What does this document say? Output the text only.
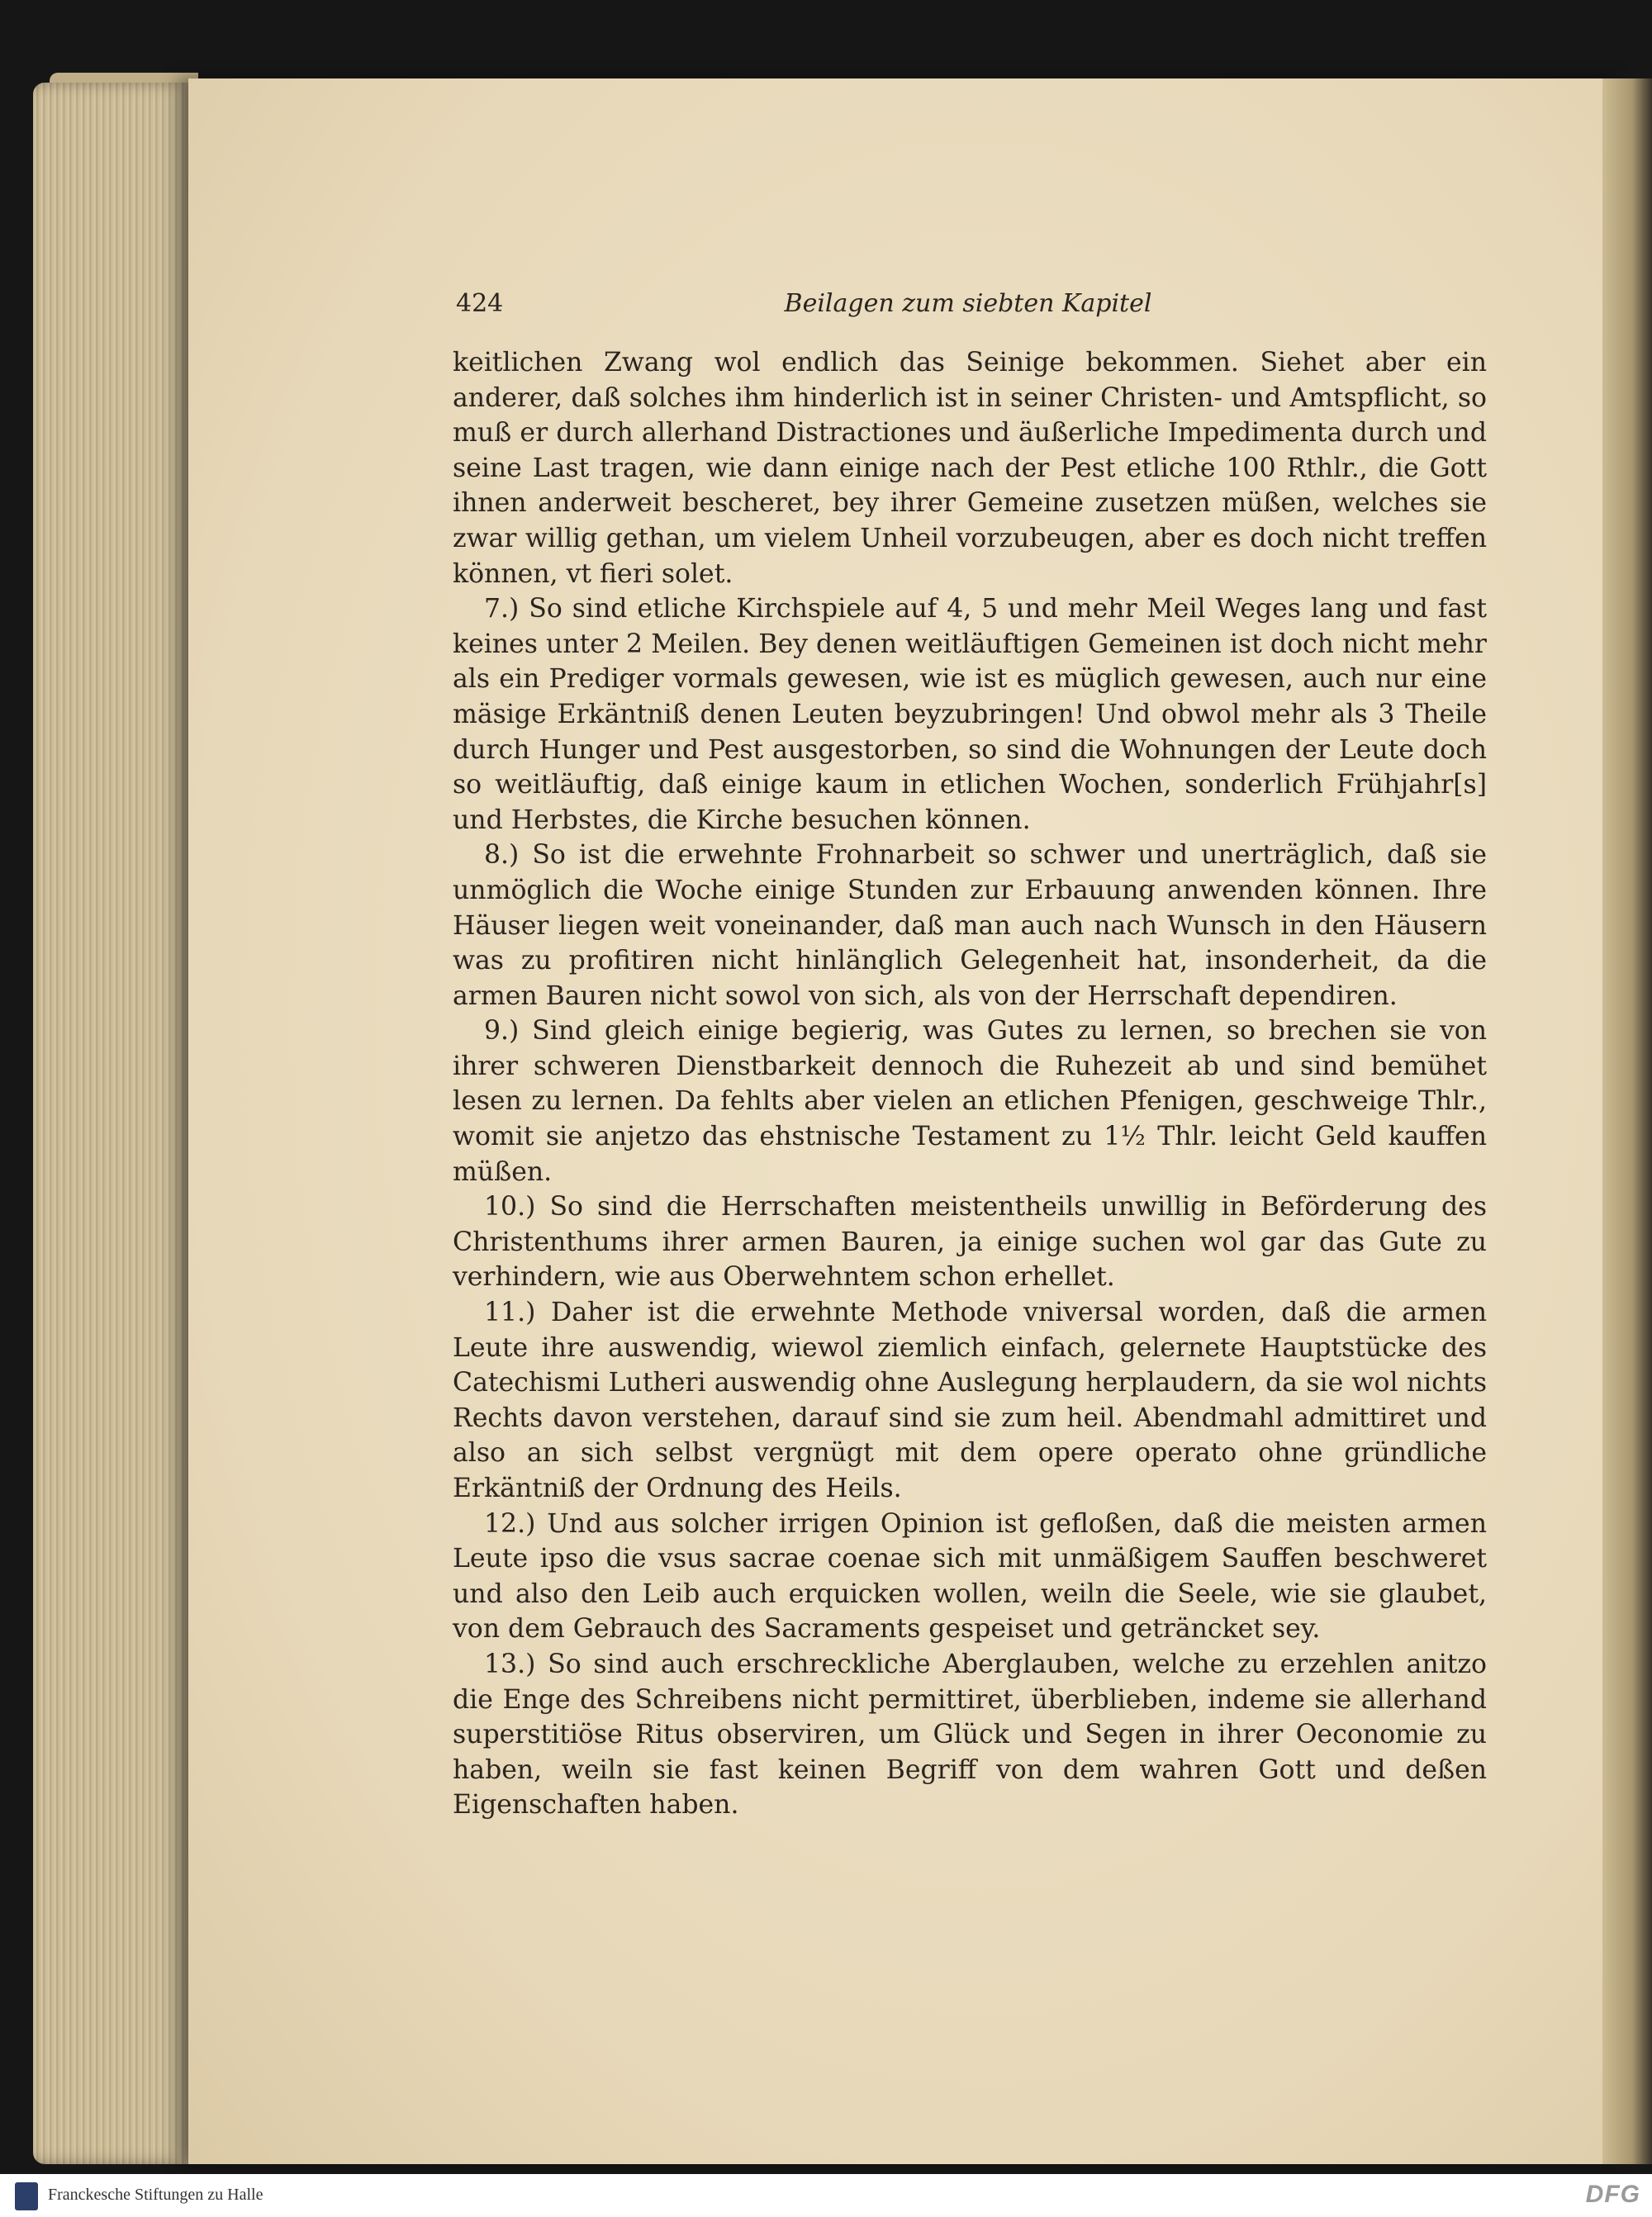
424	Beilagen zum siebten Kapitel

keitlichen Zwang wol endlich das Seinige bekommen. Siehet aber ein anderer, daß solches ihm hinderlich ist in seiner Christen- und Amtspflicht, so muß er durch allerhand Distractiones und äußerliche Impedimenta durch und seine Last tragen, wie dann einige nach der Pest etliche 100 Rthlr., die Gott ihnen anderweit bescheret, bey ihrer Gemeine zusetzen müßen, welches sie zwar willig gethan, um vielem Unheil vorzubeugen, aber es doch nicht treffen können, vt fieri solet.

7.) So sind etliche Kirchspiele auf 4, 5 und mehr Meil Weges lang und fast keines unter 2 Meilen. Bey denen weitläuftigen Gemeinen ist doch nicht mehr als ein Prediger vormals gewesen, wie ist es müglich gewesen, auch nur eine mäsige Erkäntniß denen Leuten beyzubringen! Und obwol mehr als 3 Theile durch Hunger und Pest ausgestorben, so sind die Wohnungen der Leute doch so weitläuftig, daß einige kaum in etlichen Wochen, sonderlich Frühjahr[s] und Herbstes, die Kirche besuchen können.

8.) So ist die erwehnte Frohnarbeit so schwer und unerträglich, daß sie unmöglich die Woche einige Stunden zur Erbauung anwenden können. Ihre Häuser liegen weit voneinander, daß man auch nach Wunsch in den Häusern was zu profitiren nicht hinlänglich Gelegenheit hat, insonderheit, da die armen Bauren nicht sowol von sich, als von der Herrschaft dependiren.

9.) Sind gleich einige begierig, was Gutes zu lernen, so brechen sie von ihrer schweren Dienstbarkeit dennoch die Ruhezeit ab und sind bemühet lesen zu lernen. Da fehlts aber vielen an etlichen Pfenigen, geschweige Thlr., womit sie anjetzo das ehstnische Testament zu 1½ Thlr. leicht Geld kauffen müßen.

10.) So sind die Herrschaften meistentheils unwillig in Beförderung des Christenthums ihrer armen Bauren, ja einige suchen wol gar das Gute zu verhindern, wie aus Oberwehntem schon erhellet.

11.) Daher ist die erwehnte Methode vniversal worden, daß die armen Leute ihre auswendig, wiewol ziemlich einfach, gelernete Hauptstücke des Catechismi Lutheri auswendig ohne Auslegung herplaudern, da sie wol nichts Rechts davon verstehen, darauf sind sie zum heil. Abendmahl admittiret und also an sich selbst vergnügt mit dem opere operato ohne gründliche Erkäntniß der Ordnung des Heils.

12.) Und aus solcher irrigen Opinion ist gefloßen, daß die meisten armen Leute ipso die vsus sacrae coenae sich mit unmäßigem Sauffen beschweret und also den Leib auch erquicken wollen, weiln die Seele, wie sie glaubet, von dem Gebrauch des Sacraments gespeiset und geträncket sey.

13.) So sind auch erschreckliche Aberglauben, welche zu erzehlen anitzo die Enge des Schreibens nicht permittiret, überblieben, indeme sie allerhand superstitiöse Ritus observiren, um Glück und Segen in ihrer Oeconomie zu haben, weiln sie fast keinen Begriff von dem wahren Gott und deßen Eigenschaften haben.

Franckesche Stiftungen zu Halle	DFG
